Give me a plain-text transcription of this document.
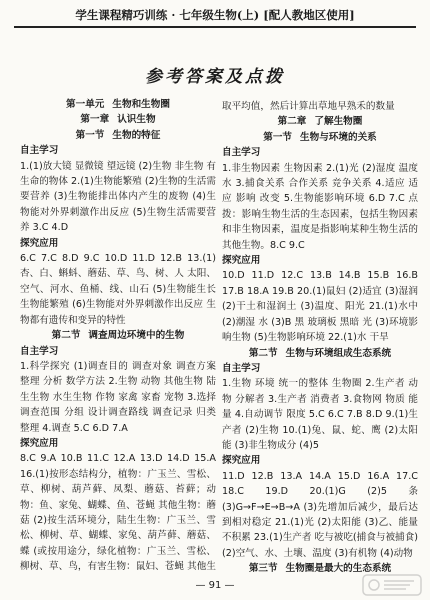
学生课程精巧训练 · 七年级生物(上) [配人教地区使用]
参考答案及点拨
第一单元 生物和生物圈
第一章 认识生物
第一节 生物的特征
自主学习
1.(1)放大镜 显微镜 望远镜 (2)生物 非生物 有生命的物体 2.(1)生物能繁殖 (2)生物的生活需要营养 (3)生物能排出体内产生的废物 (4)生物能对外界刺激作出反应 (5)生物生活需要营养 3.C 4.D
探究应用
6.C 7.C 8.D 9.C 10.D 11.D 12.B 13.(1)杏、白、蝌蚪、蘑菇、草、鸟、树、人 太阳、空气、河水、鱼桶、线、山石 (5)生物能生长 生物能繁殖 (6)生物能对外界刺激作出反应 生物都有遗传和变异的特性
第二节 调查周边环境中的生物
自主学习
1.科学探究 (1)调查目的 调查对象 调查方案 整理 分析 数学方法 2.生物 动物 其他生物 陆生生物 水生生物 作物 家禽 家畜 宠物 3.选择调查范围 分组 设计调查路线 调查记录 归类 整理 4.调查 5.C 6.D 7.A
探究应用
8.C 9.A 10.B 11.C 12.A 13.D 14.D 15.A 16.(1)按形态结构分，植物：广玉兰、雪松、草、柳树、葫芦藓、凤梨、蘑菇、苔藓；动物：鱼、家兔、蝴蝶、鱼、苍蝇 其他生物：蘑菇 (2)按生活环境分，陆生生物：广玉兰、雪松、柳树、草、蝴蝶、家兔、葫芦藓、蘑菇、蝶 (或按用途分，绿化植物：广玉兰、雪松、柳树、草、鸟，有害生物：鼠妇、苍蝇 其他生
取平均值，然后计算出草地早熟禾的数量
第二章 了解生物圈
第一节 生物与环境的关系
自主学习
1.非生物因素 生物因素 2.(1)光 (2)湿度 温度 水 3.捕食关系 合作关系 竞争关系 4.适应 适应 影响 改变 5.生物能影响环境 6.D 7.C 点拨：影响生物生活的生态因素，包括生物因素和非生物因素，温度是指影响某种生物生活的其他生物。8.C 9.C
探究应用
10.D 11.D 12.C 13.B 14.B 15.B 16.B 17.B 18.A 19.B 20.(1)鼠妇 (2)适宜 (3)湿润 (2)干土和湿润土 (3)温度、阳光 21.(1)水中 (2)潮湿 水 (3)B 黑 玻璃板 黑暗 光 (3)环境影响生物 (5)生物影响环境 22.(1)水 干旱
第二节 生物与环境组成生态系统
自主学习
1.生物 环境 统一的整体 生物圈 2.生产者 动物 分解者 3.生产者 消费者 3.食物网 物质 能量 4.自动调节 限度 5.C 6.C 7.B 8.D 9.(1)生产者 (2)生物 10.(1)兔、鼠、蛇、鹰 (2)太阳能 (3)非生物成分 (4)5
探究应用
11.D 12.B 13.A 14.A 15.D 16.A 17.C 18.C 19.D 20.(1)G (2)5 条 (3)G→F→E→B→A (3)先增加后减少，最后达到相对稳定 21.(1)光 (2)太阳能 (3)乙、能量 不积累 23.(1)生产者 吃与被吃(捕食与被捕食) (2)空气、水、土壤、温度 (3)有机物 (4)动物
第三节 生物圈是最大的生态系统
— 91 —
